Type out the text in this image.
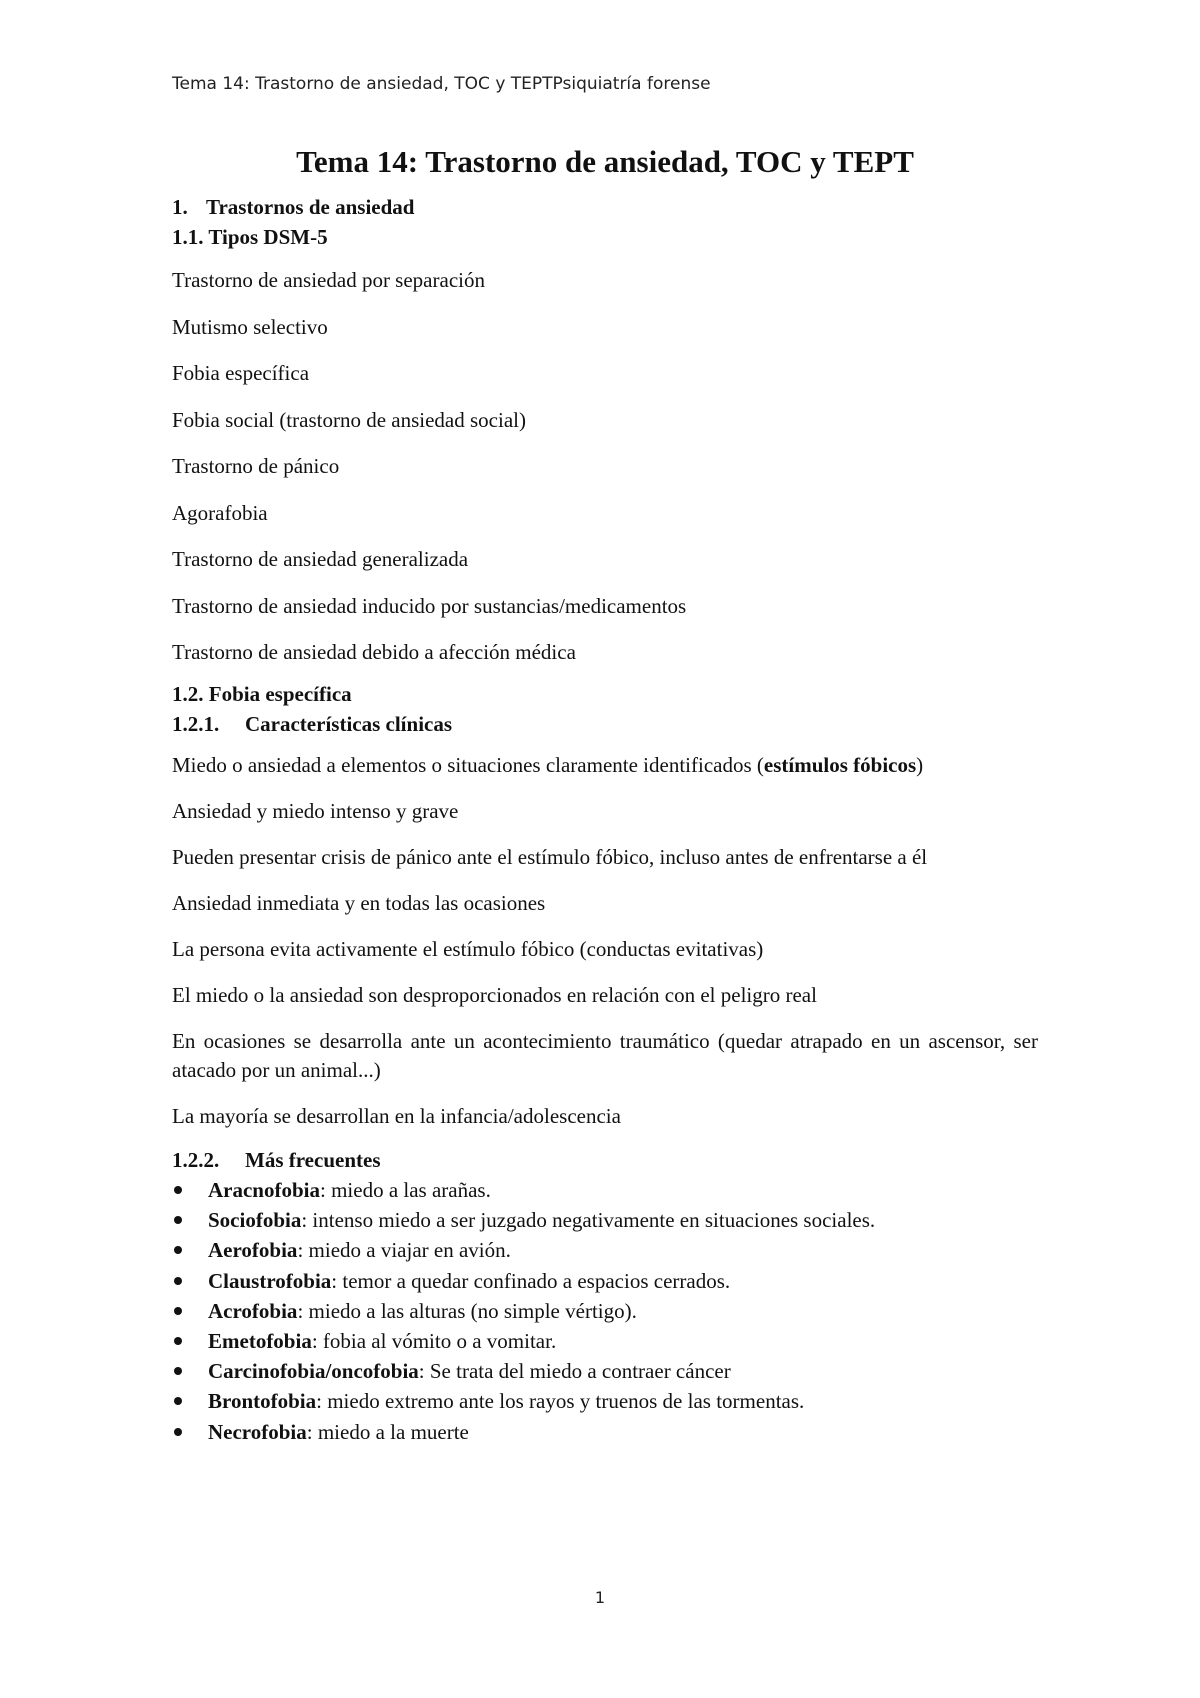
Tema 14: Trastorno de ansiedad, TOC y TEPTPsiquiatría forense
Tema 14: Trastorno de ansiedad, TOC y TEPT
1. Trastornos de ansiedad
1.1. Tipos DSM-5
Trastorno de ansiedad por separación
Mutismo selectivo
Fobia específica
Fobia social (trastorno de ansiedad social)
Trastorno de pánico
Agorafobia
Trastorno de ansiedad generalizada
Trastorno de ansiedad inducido por sustancias/medicamentos
Trastorno de ansiedad debido a afección médica
1.2. Fobia específica
1.2.1. Características clínicas
Miedo o ansiedad a elementos o situaciones claramente identificados (estímulos fóbicos)
Ansiedad y miedo intenso y grave
Pueden presentar crisis de pánico ante el estímulo fóbico, incluso antes de enfrentarse a él
Ansiedad inmediata y en todas las ocasiones
La persona evita activamente el estímulo fóbico (conductas evitativas)
El miedo o la ansiedad son desproporcionados en relación con el peligro real
En ocasiones se desarrolla ante un acontecimiento traumático (quedar atrapado en un ascensor, ser atacado por un animal...)
La mayoría se desarrollan en la infancia/adolescencia
1.2.2. Más frecuentes
Aracnofobia: miedo a las arañas.
Sociofobia: intenso miedo a ser juzgado negativamente en situaciones sociales.
Aerofobia: miedo a viajar en avión.
Claustrofobia: temor a quedar confinado a espacios cerrados.
Acrofobia: miedo a las alturas (no simple vértigo).
Emetofobia: fobia al vómito o a vomitar.
Carcinofobia/oncofobia: Se trata del miedo a contraer cáncer
Brontofobia: miedo extremo ante los rayos y truenos de las tormentas.
Necrofobia: miedo a la muerte
1
